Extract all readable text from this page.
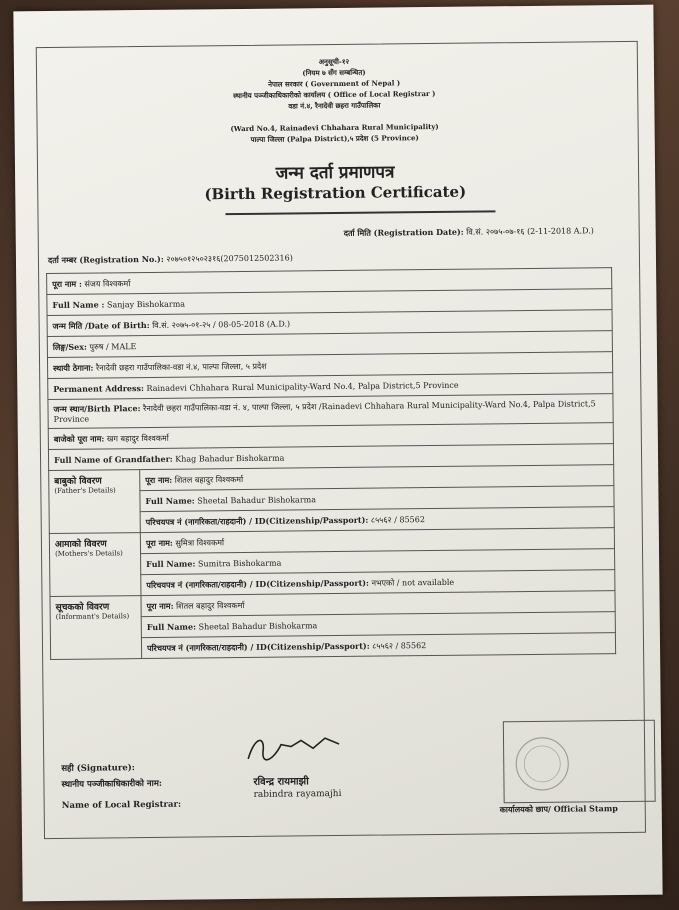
अनुसूची-१२
(नियम ७ सँग सम्बन्धित)
नेपाल सरकार ( Government of Nepal )
स्थानीय पञ्जीकाधिकारीको कार्यालय ( Office of Local Registrar )
वडा नं.४, रैनादेवी छहरा गाउँपालिका
जन्म दर्ता प्रमाणपत्र
(Birth Registration Certificate)
(Ward No.4, Rainadevi Chhahara Rural Municipality)
पाल्पा जिल्ला (Palpa District),५ प्रदेश (5 Province)
दर्ता मिति (Registration Date): वि.सं. २०७५-०७-१६ (2-11-2018 A.D.)
दर्ता नम्बर (Registration No.): २०७५०१२५०२३१६(2075012502316)
पूरा नाम : संजय विश्वकर्मा	
Full Name : Sanjay Bishokarma	
जन्म मिति /Date of Birth: वि.सं. २०७५-०१-२५ / 08-05-2018 (A.D.)	
लिङ्ग/Sex: पुरुष / MALE	
स्थायी ठेगाना: रैनादेवी छहरा गाउँपालिका-वडा नं.४, पाल्पा जिल्ला, ५ प्रदेश	
Permanent Address: Rainadevi Chhahara Rural Municipality-Ward No.4, Palpa District,5 Province	
जन्म स्थान/Birth Place: रैनादेवी छहरा गाउँपालिका-वडा नं. ४, पाल्पा जिल्ला, ५ प्रदेश /Rainadevi Chhahara Rural Municipality-Ward No.4, Palpa District,5 Province	
बाजेको पूरा नाम: खग बहादुर विश्वकर्मा	
Full Name of Grandfather: Khag Bahadur Bishokarma	

बाबुको विवरण
(Father's Details)	पूरा नाम: शितल बहादुर विश्वकर्मा
	Full Name: Sheetal Bahadur Bishokarma
	परिचयपत्र नं (नागरिकता/राहदानी) / ID(Citizenship/Passport): ८५५६२ / 85562

आमाको विवरण
(Mothers's Details)	पूरा नाम: सुमित्रा विश्वकर्मा
	Full Name: Sumitra Bishokarma
	परिचयपत्र नं (नागरिकता/राहदानी) / ID(Citizenship/Passport): नभएको / not available

सूचकको विवरण
(Informant's Details)	पूरा नाम: शितल बहादुर विश्वकर्मा
	Full Name: Sheetal Bahadur Bishokarma
	परिचयपत्र नं (नागरिकता/राहदानी) / ID(Citizenship/Passport): ८५५६२ / 85562
सही (Signature):
स्थानीय पञ्जीकाधिकारीको नाम:
Name of Local Registrar:
रविन्द्र रायमाझी
rabindra rayamajhi
कार्यालयको छाप/ Official Stamp
